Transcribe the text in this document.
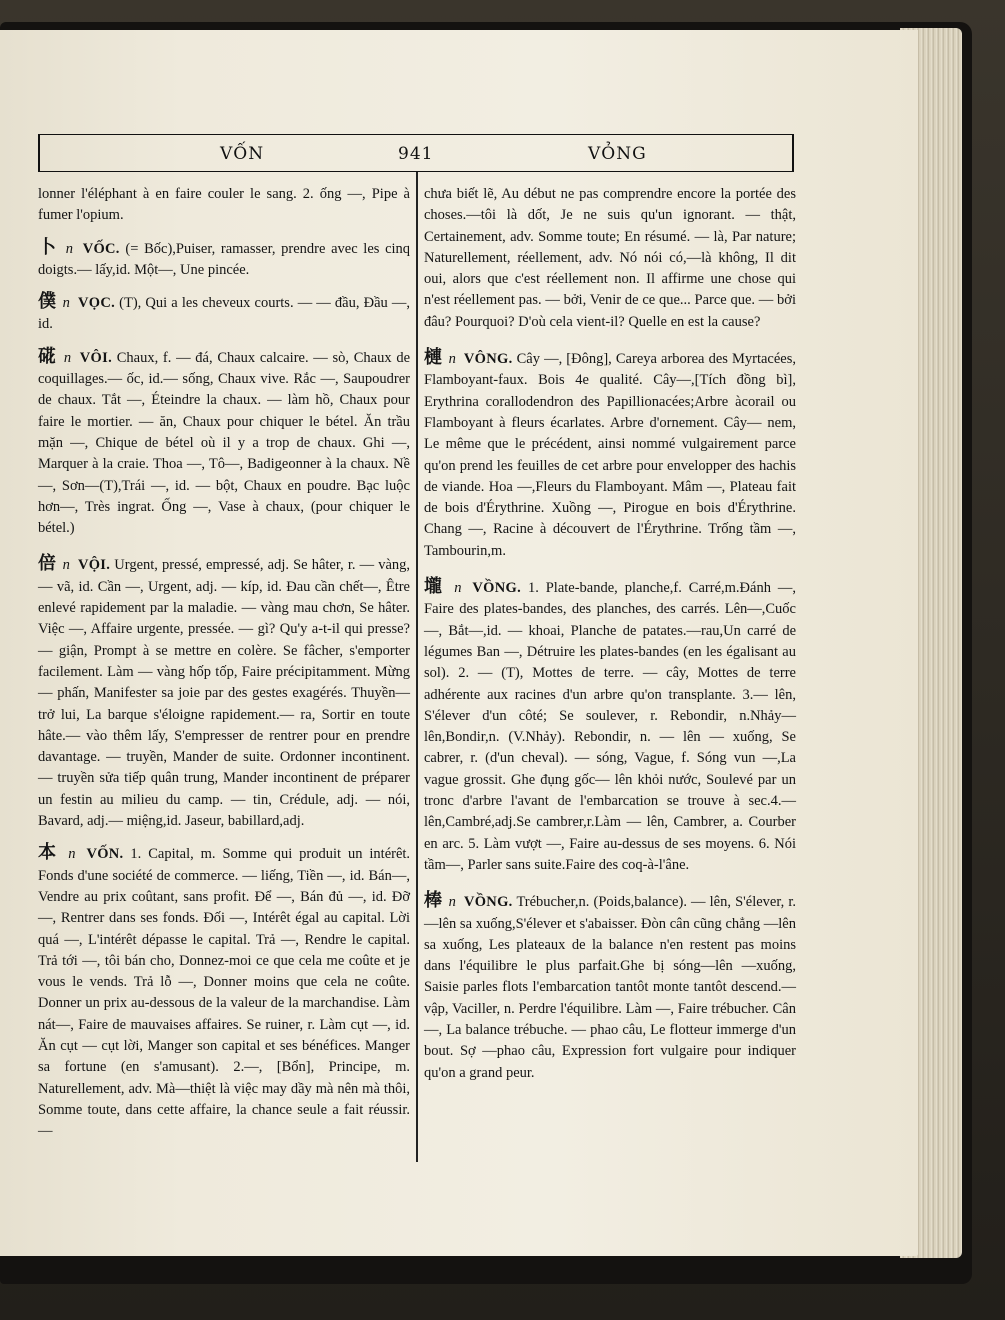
VỐN	941	VỎNG

lonner l'éléphant à en faire couler le sang. 2. ống —, Pipe à fumer l'opium.

卜 n VỐC. (= Bốc),Puiser, ramasser, prendre avec les cinq doigts.— lấy,id. Một—, Une pincée.

僕 n VỌC. (T), Qui a les cheveux courts. — — đầu, Đầu —, id.

硴 n VÔI. Chaux, f. — đá, Chaux calcaire. — sò, Chaux de coquillages.— ốc, id.— sống, Chaux vive. Rắc —, Saupoudrer de chaux. Tắt —, Éteindre la chaux. — làm hồ, Chaux pour faire le mortier. — ăn, Chaux pour chiquer le bétel. Ăn trầu mặn —, Chique de bétel où il y a trop de chaux. Ghi —, Marquer à la craie. Thoa —, Tô—, Badigeonner à la chaux. Nề—, Sơn—(T),Trái —, id. — bột, Chaux en poudre. Bạc luộc hơn—, Très ingrat. Ống —, Vase à chaux, (pour chiquer le bétel.)

倍 n VỘI. Urgent, pressé, empressé, adj. Se hâter, r. — vàng, — vã, id. Cần —, Urgent, adj. — kíp, id. Đau cần chết—, Être enlevé rapidement par la maladie. — vàng mau chơn, Se hâter. Việc —, Affaire urgente, pressée. — gì? Qu'y a-t-il qui presse? — giận, Prompt à se mettre en colère. Se fâcher, s'emporter facilement. Làm — vàng hốp tốp, Faire précipitamment. Mừng — phấn, Manifester sa joie par des gestes exagérés. Thuyền— trở lui, La barque s'éloigne rapidement.— ra, Sortir en toute hâte.— vào thêm lấy, S'empresser de rentrer pour en prendre davantage. — truyền, Mander de suite. Ordonner incontinent. — truyền sửa tiếp quân trung, Mander incontinent de préparer un festin au milieu du camp. — tin, Crédule, adj. — nói, Bavard, adj.— miệng,id. Jaseur, babillard,adj.

本 n VỐN. 1. Capital, m. Somme qui produit un intérêt. Fonds d'une société de commerce. — liếng, Tiền —, id. Bán—, Vendre au prix coûtant, sans profit. Để —, Bán đủ —, id. Đỡ —, Rentrer dans ses fonds. Đối —, Intérêt égal au capital. Lời quá —, L'intérêt dépasse le capital. Trả —, Rendre le capital. Trả tới —, tôi bán cho, Donnez-moi ce que cela me coûte et je vous le vends. Trả lỗ —, Donner moins que cela ne coûte. Donner un prix au-dessous de la valeur de la marchandise. Làm nát—, Faire de mauvaises affaires. Se ruiner, r. Làm cụt —, id. Ăn cụt — cụt lời, Manger son capital et ses bénéfices. Manger sa fortune (en s'amusant). 2.—, [Bổn], Principe, m. Naturellement, adv. Mà—thiệt là việc may dầy mà nên mà thôi, Somme toute, dans cette affaire, la chance seule a fait réussir. —

chưa biết lẽ, Au début ne pas comprendre encore la portée des choses.—tôi là dốt, Je ne suis qu'un ignorant. — thật, Certainement, adv. Somme toute; En résumé. — là, Par nature; Naturellement, réellement, adv. Nó nói có,—là không, Il dit oui, alors que c'est réellement non. Il affirme une chose qui n'est réellement pas. — bởi, Venir de ce que... Parce que. — bởi đâu? Pourquoi? D'où cela vient-il? Quelle en est la cause?

槤 n VÔNG. Cây —, [Đông], Careya arborea des Myrtacées, Flamboyant-faux. Bois 4e qualité. Cây—,[Tích đồng bì], Erythrina corallodendron des Papillionacées;Arbre àcorail ou Flamboyant à fleurs écarlates. Arbre d'ornement. Cây— nem, Le même que le précédent, ainsi nommé vulgairement parce qu'on prend les feuilles de cet arbre pour envelopper des hachis de viande. Hoa —,Fleurs du Flamboyant. Mâm —, Plateau fait de bois d'Érythrine. Xuồng —, Pirogue en bois d'Érythrine. Chang —, Racine à découvert de l'Érythrine. Trống tầm —, Tambourin,m.

壠 n VỒNG. 1. Plate-bande, planche,f. Carré,m.Đánh —, Faire des plates-bandes, des planches, des carrés. Lên—,Cuốc—, Bắt—,id. — khoai, Planche de patates.—rau,Un carré de légumes Ban —, Détruire les plates-bandes (en les égalisant au sol). 2. — (T), Mottes de terre. — cây, Mottes de terre adhérente aux racines d'un arbre qu'on transplante. 3.— lên, S'élever d'un côté; Se soulever, r. Rebondir, n.Nhảy—lên,Bondir,n. (V.Nhảy). Rebondir, n. — lên — xuống, Se cabrer, r. (d'un cheval). — sóng, Vague, f. Sóng vun —,La vague grossit. Ghe đụng gốc— lên khỏi nước, Soulevé par un tronc d'arbre l'avant de l'embarcation se trouve à sec.4.—lên,Cambré,adj.Se cambrer,r.Làm — lên, Cambrer, a. Courber en arc. 5. Làm vượt —, Faire au-dessus de ses moyens. 6. Nói tầm—, Parler sans suite.Faire des coq-à-l'âne.

棒 n VỒNG. Trébucher,n. (Poids,balance). — lên, S'élever, r. —lên sa xuống,S'élever et s'abaisser. Đòn cân cũng chẳng —lên sa xuống, Les plateaux de la balance n'en restent pas moins dans l'équilibre le plus parfait.Ghe bị sóng—lên —xuống, Saisie parles flots l'embarcation tantôt monte tantôt descend.—vập, Vaciller, n. Perdre l'équilibre. Làm —, Faire trébucher. Cân —, La balance trébuche. — phao câu, Le flotteur immerge d'un bout. Sợ —phao câu, Expression fort vulgaire pour indiquer qu'on a grand peur.
